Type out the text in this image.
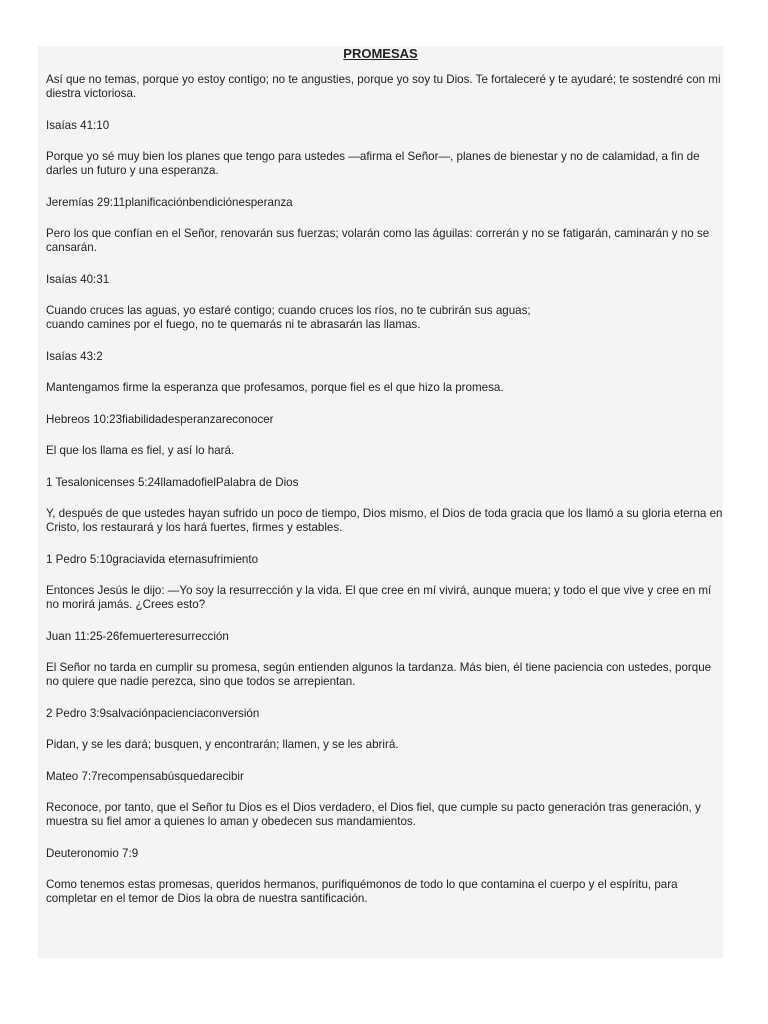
PROMESAS

Así que no temas, porque yo estoy contigo; no te angusties, porque yo soy tu Dios. Te fortaleceré y te ayudaré; te sostendré con mi diestra victoriosa.

Isaías 41:10

Porque yo sé muy bien los planes que tengo para ustedes —afirma el Señor—, planes de bienestar y no de calamidad, a fin de darles un futuro y una esperanza.

Jeremías 29:11planificaciónbendiciónesperanza

Pero los que confían en el Señor, renovarán sus fuerzas; volarán como las águilas: correrán y no se fatigarán, caminarán y no se cansarán.

Isaías 40:31

Cuando cruces las aguas, yo estaré contigo; cuando cruces los ríos, no te cubrirán sus aguas;
cuando camines por el fuego, no te quemarás ni te abrasarán las llamas.

Isaías 43:2

Mantengamos firme la esperanza que profesamos, porque fiel es el que hizo la promesa.

Hebreos 10:23fiabilidadesperanzareconocer

El que los llama es fiel, y así lo hará.

1 Tesalonicenses 5:24llamadofielPalabra de Dios

Y, después de que ustedes hayan sufrido un poco de tiempo, Dios mismo, el Dios de toda gracia que los llamó a su gloria eterna en Cristo, los restaurará y los hará fuertes, firmes y estables.

1 Pedro 5:10graciavida eternasufrimiento

Entonces Jesús le dijo: —Yo soy la resurrección y la vida. El que cree en mí vivirá, aunque muera; y todo el que vive y cree en mí no morirá jamás. ¿Crees esto?

Juan 11:25-26femuerteresurrección

El Señor no tarda en cumplir su promesa, según entienden algunos la tardanza. Más bien, él tiene paciencia con ustedes, porque no quiere que nadie perezca, sino que todos se arrepientan.

2 Pedro 3:9salvaciónpacienciaconversión

Pidan, y se les dará; busquen, y encontrarán; llamen, y se les abrirá.

Mateo 7:7recompensabúsquedarecibir

Reconoce, por tanto, que el Señor tu Dios es el Dios verdadero, el Dios fiel, que cumple su pacto generación tras generación, y muestra su fiel amor a quienes lo aman y obedecen sus mandamientos.

Deuteronomio 7:9

Como tenemos estas promesas, queridos hermanos, purifiquémonos de todo lo que contamina el cuerpo y el espíritu, para completar en el temor de Dios la obra de nuestra santificación.
